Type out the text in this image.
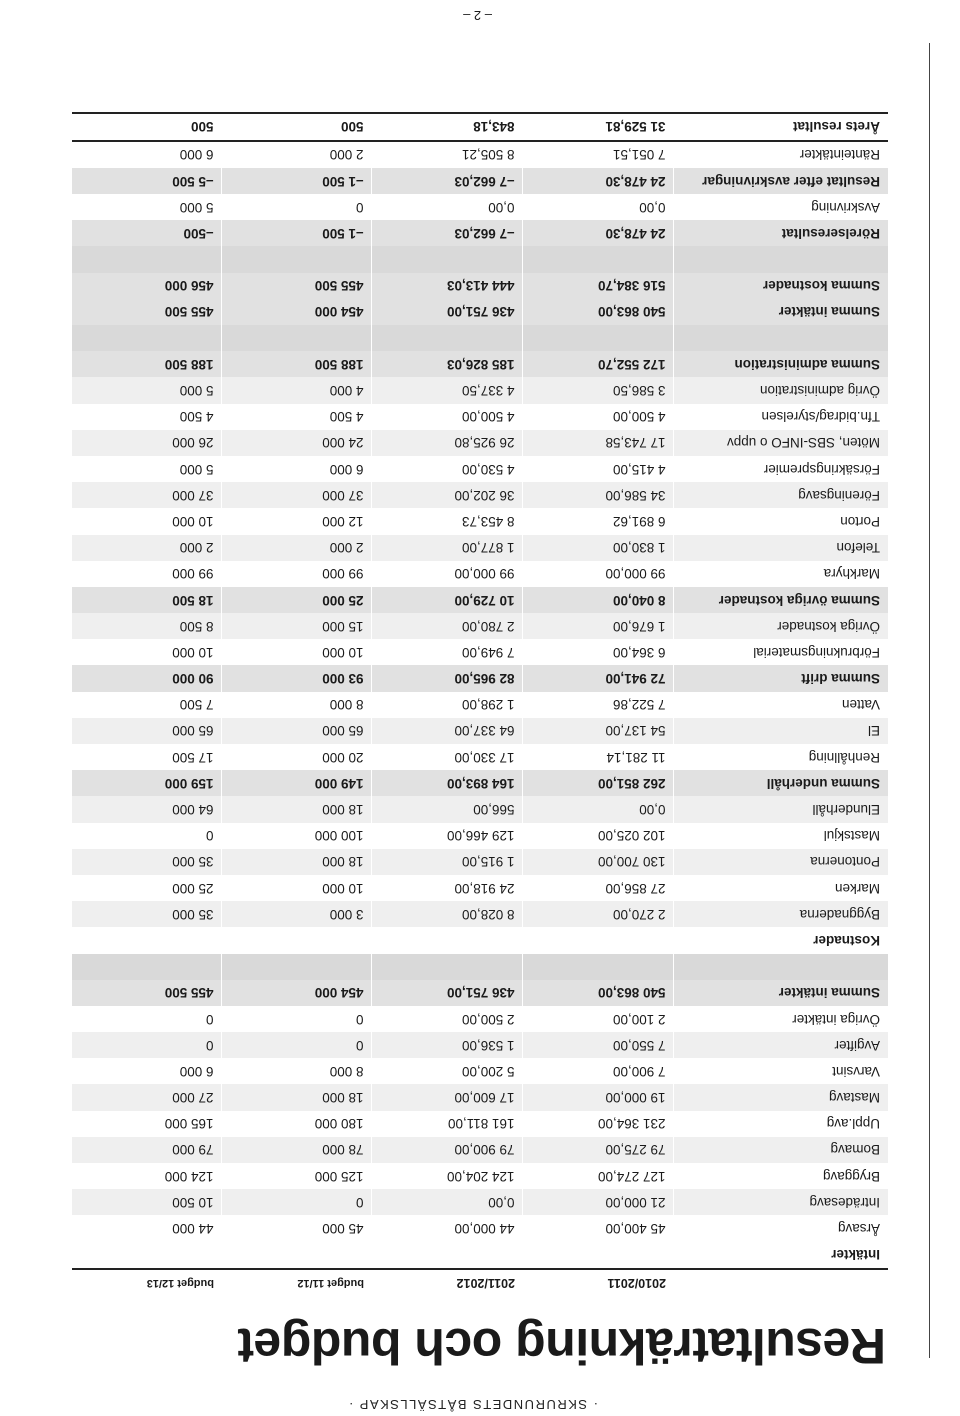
· SKRURUNDETS BÅTSÄLLSKAP ·
Resultaträkning och budget
	2010/2011	2011/2012	budget 11/12	budget 12/13
Intäkter				
Årsavg	45 400,00	44 000,00	45 000	44 000
Inträdesavg	21 000,00	0,00	0	10 500
Bryggavg	127 274,00	124 204,00	125 000	124 000
Bomavg	79 275,00	79 900,00	78 000	79 000
Uppl.avg	231 364,00	161 811,00	180 000	165 000
Mastavg	19 000,00	17 600,00	18 000	27 000
Varvsint	7 900,00	5 200,00	8 000	6 000
Avgifter	7 550,00	1 536,00	0	0
Övriga intäkter	2 100,00	2 500,00	0	0
Summa intäkter	540 863,00	436 751,00	454 000	455 500

Kostnader				
Byggnaderna	2 270,00	8 028,00	3 000	35 000
Marken	27 856,00	24 918,00	10 000	25 000
Pontonerna	130 700,00	1 915,00	18 000	35 000
Mastskjul	102 025,00	129 466,00	100 000	0
Elunderhåll	0,00	566,00	18 000	64 000
Summa underhåll	262 851,00	164 893,00	149 000	159 000
Renhållning	11 281,14	17 330,00	20 000	17 500
El	54 137,00	64 337,00	65 000	65 000
Vatten	7 522,86	1 298,00	8 000	7 500
Summa drift	72 941,00	82 965,00	93 000	90 000
Förbrukningsmaterial	6 364,00	7 949,00	10 000	10 000
Övriga kostnader	1 676,00	2 780,00	15 000	8 500
Summa övriga kostnader	8 040,00	10 729,00	25 000	18 500
Markhyra	99 000,00	99 000,00	99 000	99 000
Telefon	1 830,00	1 877,00	2 000	2 000
Porton	6 891,62	8 453,73	12 000	10 000
Föreningsavg	34 586,00	36 202,00	37 000	37 000
Försäkringspremier	4 415,00	4 530,00	6 000	5 000
Möten, SBS-INFO o uppv	17 743,58	26 925,80	24 000	26 000
Tfn.bidrag/styrelsen	4 500,00	4 500,00	4 500	4 500
Övrig administration	3 586,50	4 337,50	4 000	5 000
Summa administration	172 552,70	185 826,03	188 500	188 500

Summa intäkter	540 863,00	436 751,00	454 000	455 500
Summa kostnader	516 384,70	444 413,03	455 500	456 000

Rörelseresultat	24 478,30	–7 662,03	–1 500	–500
Avskrivning	0,00	0,00	0	5 000
Resultat efter avskrivningar	24 478,30	–7 662,03	–1 500	–5 500
Ränteintäkter	7 051,51	8 505,21	2 000	6 000
Årets resultat	31 529,81	843,18	500	500
– 2 –
